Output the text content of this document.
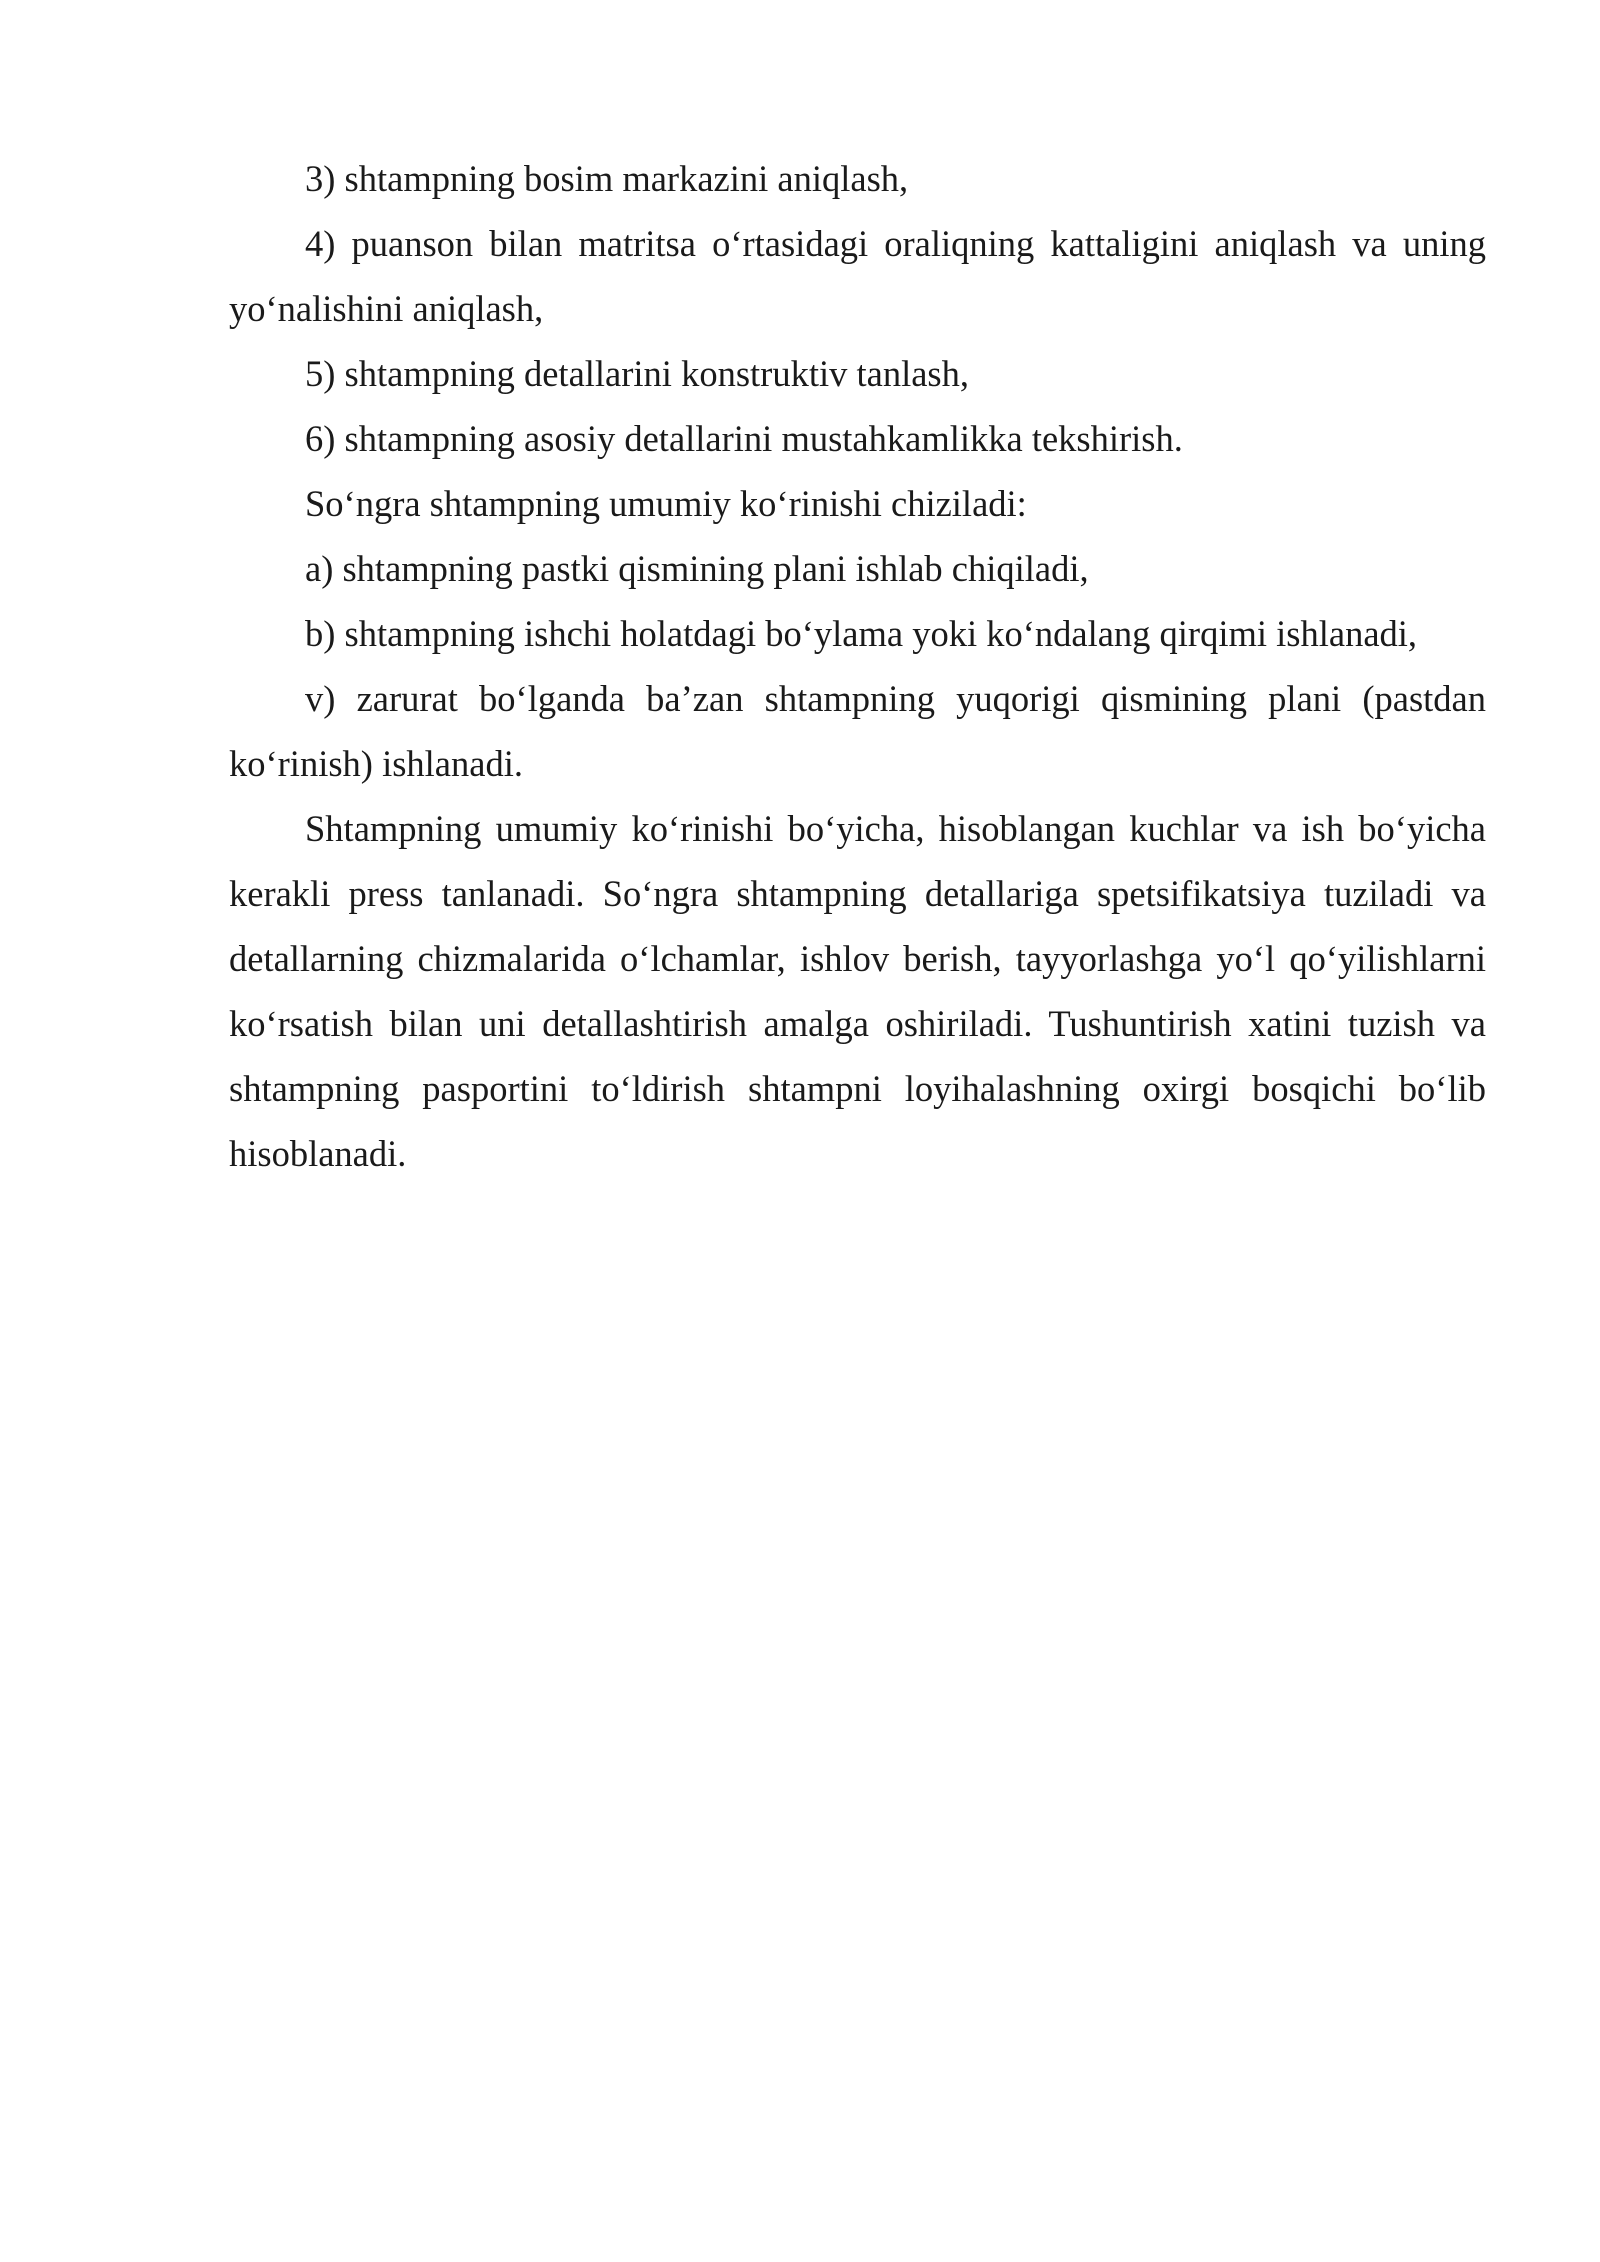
3) shtampning bosim markazini aniqlash,

4) puanson bilan matritsa o‘rtasidagi oraliqning kattaligini aniqlash va uning yo‘nalishini aniqlash,

5) shtampning detallarini konstruktiv tanlash,

6) shtampning asosiy detallarini mustahkamlikka tekshirish.

So‘ngra shtampning umumiy ko‘rinishi chiziladi:

a) shtampning pastki qismining plani ishlab chiqiladi,

b) shtampning ishchi holatdagi bo‘ylama yoki ko‘ndalang qirqimi ishlanadi,

v) zarurat bo‘lganda ba’zan shtampning yuqorigi qismining plani (pastdan ko‘rinish) ishlanadi.

Shtampning umumiy ko‘rinishi bo‘yicha, hisoblangan kuchlar va ish bo‘yicha kerakli press tanlanadi. So‘ngra shtampning detallariga spetsifikatsiya tuziladi va detallarning chizmalarida o‘lchamlar, ishlov berish, tayyorlashga yo‘l qo‘yilishlarni ko‘rsatish bilan uni detallashtirish amalga oshiriladi. Tushuntirish xatini tuzish va shtampning pasportini to‘ldirish shtampni loyihalashning oxirgi bosqichi bo‘lib hisoblanadi.
